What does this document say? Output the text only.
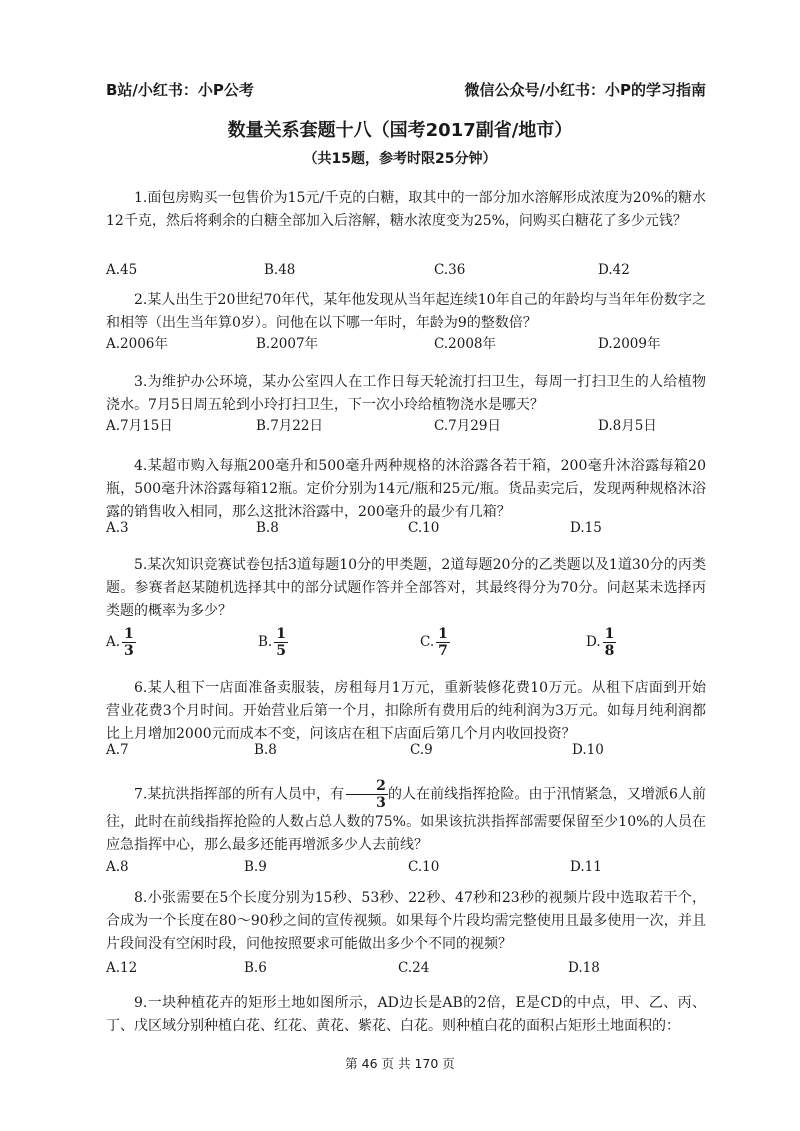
B站/小红书：小P公考	微信公众号/小红书：小P的学习指南
数量关系套题十八（国考2017副省/地市）
（共15题，参考时限25分钟）

1.面包房购买一包售价为15元/千克的白糖，取其中的一部分加水溶解形成浓度为20%的糖水12千克，然后将剩余的白糖全部加入后溶解，糖水浓度变为25%，问购买白糖花了多少元钱？

A.45	B.48	C.36	D.42

2.某人出生于20世纪70年代，某年他发现从当年起连续10年自己的年龄均与当年年份数字之和相等（出生当年算0岁）。问他在以下哪一年时，年龄为9的整数倍？

A.2006年	B.2007年	C.2008年	D.2009年

3.为维护办公环境，某办公室四人在工作日每天轮流打扫卫生，每周一打扫卫生的人给植物浇水。7月5日周五轮到小玲打扫卫生，下一次小玲给植物浇水是哪天？

A.7月15日	B.7月22日	C.7月29日	D.8月5日

4.某超市购入每瓶200毫升和500毫升两种规格的沐浴露各若干箱，200毫升沐浴露每箱20瓶，500毫升沐浴露每箱12瓶。定价分别为14元/瓶和25元/瓶。货品卖完后，发现两种规格沐浴露的销售收入相同，那么这批沐浴露中，200毫升的最少有几箱？

A.3	B.8	C.10	D.15

5.某次知识竞赛试卷包括3道每题10分的甲类题，2道每题20分的乙类题以及1道30分的丙类题。参赛者赵某随机选择其中的部分试题作答并全部答对，其最终得分为70分。问赵某未选择丙类题的概率为多少？

A. $\frac{1}{3}$	B. $\frac{1}{5}$	C. $\frac{1}{7}$	D. $\frac{1}{8}$

6.某人租下一店面准备卖服装，房租每月1万元，重新装修花费10万元。从租下店面到开始营业花费3个月时间。开始营业后第一个月，扣除所有费用后的纯利润为3万元。如每月纯利润都比上月增加2000元而成本不变，问该店在租下店面后第几个月内收回投资？

A.7	B.8	C.9	D.10

7.某抗洪指挥部的所有人员中，有 $\frac{2}{3}$ 的人在前线指挥抢险。由于汛情紧急，又增派6人前往，此时在前线指挥抢险的人数占总人数的75%。如果该抗洪指挥部需要保留至少10%的人员在应急指挥中心，那么最多还能再增派多少人去前线？

A.8	B.9	C.10	D.11

8.小张需要在5个长度分别为15秒、53秒、22秒、47秒和23秒的视频片段中选取若干个，合成为一个长度在80～90秒之间的宣传视频。如果每个片段均需完整使用且最多使用一次，并且片段间没有空闲时段，问他按照要求可能做出多少个不同的视频？

A.12	B.6	C.24	D.18

9.一块种植花卉的矩形土地如图所示，AD边长是AB的2倍，E是CD的中点，甲、乙、丙、丁、戊区域分别种植白花、红花、黄花、紫花、白花。则种植白花的面积占矩形土地面积的：

第 46 页 共 170 页
